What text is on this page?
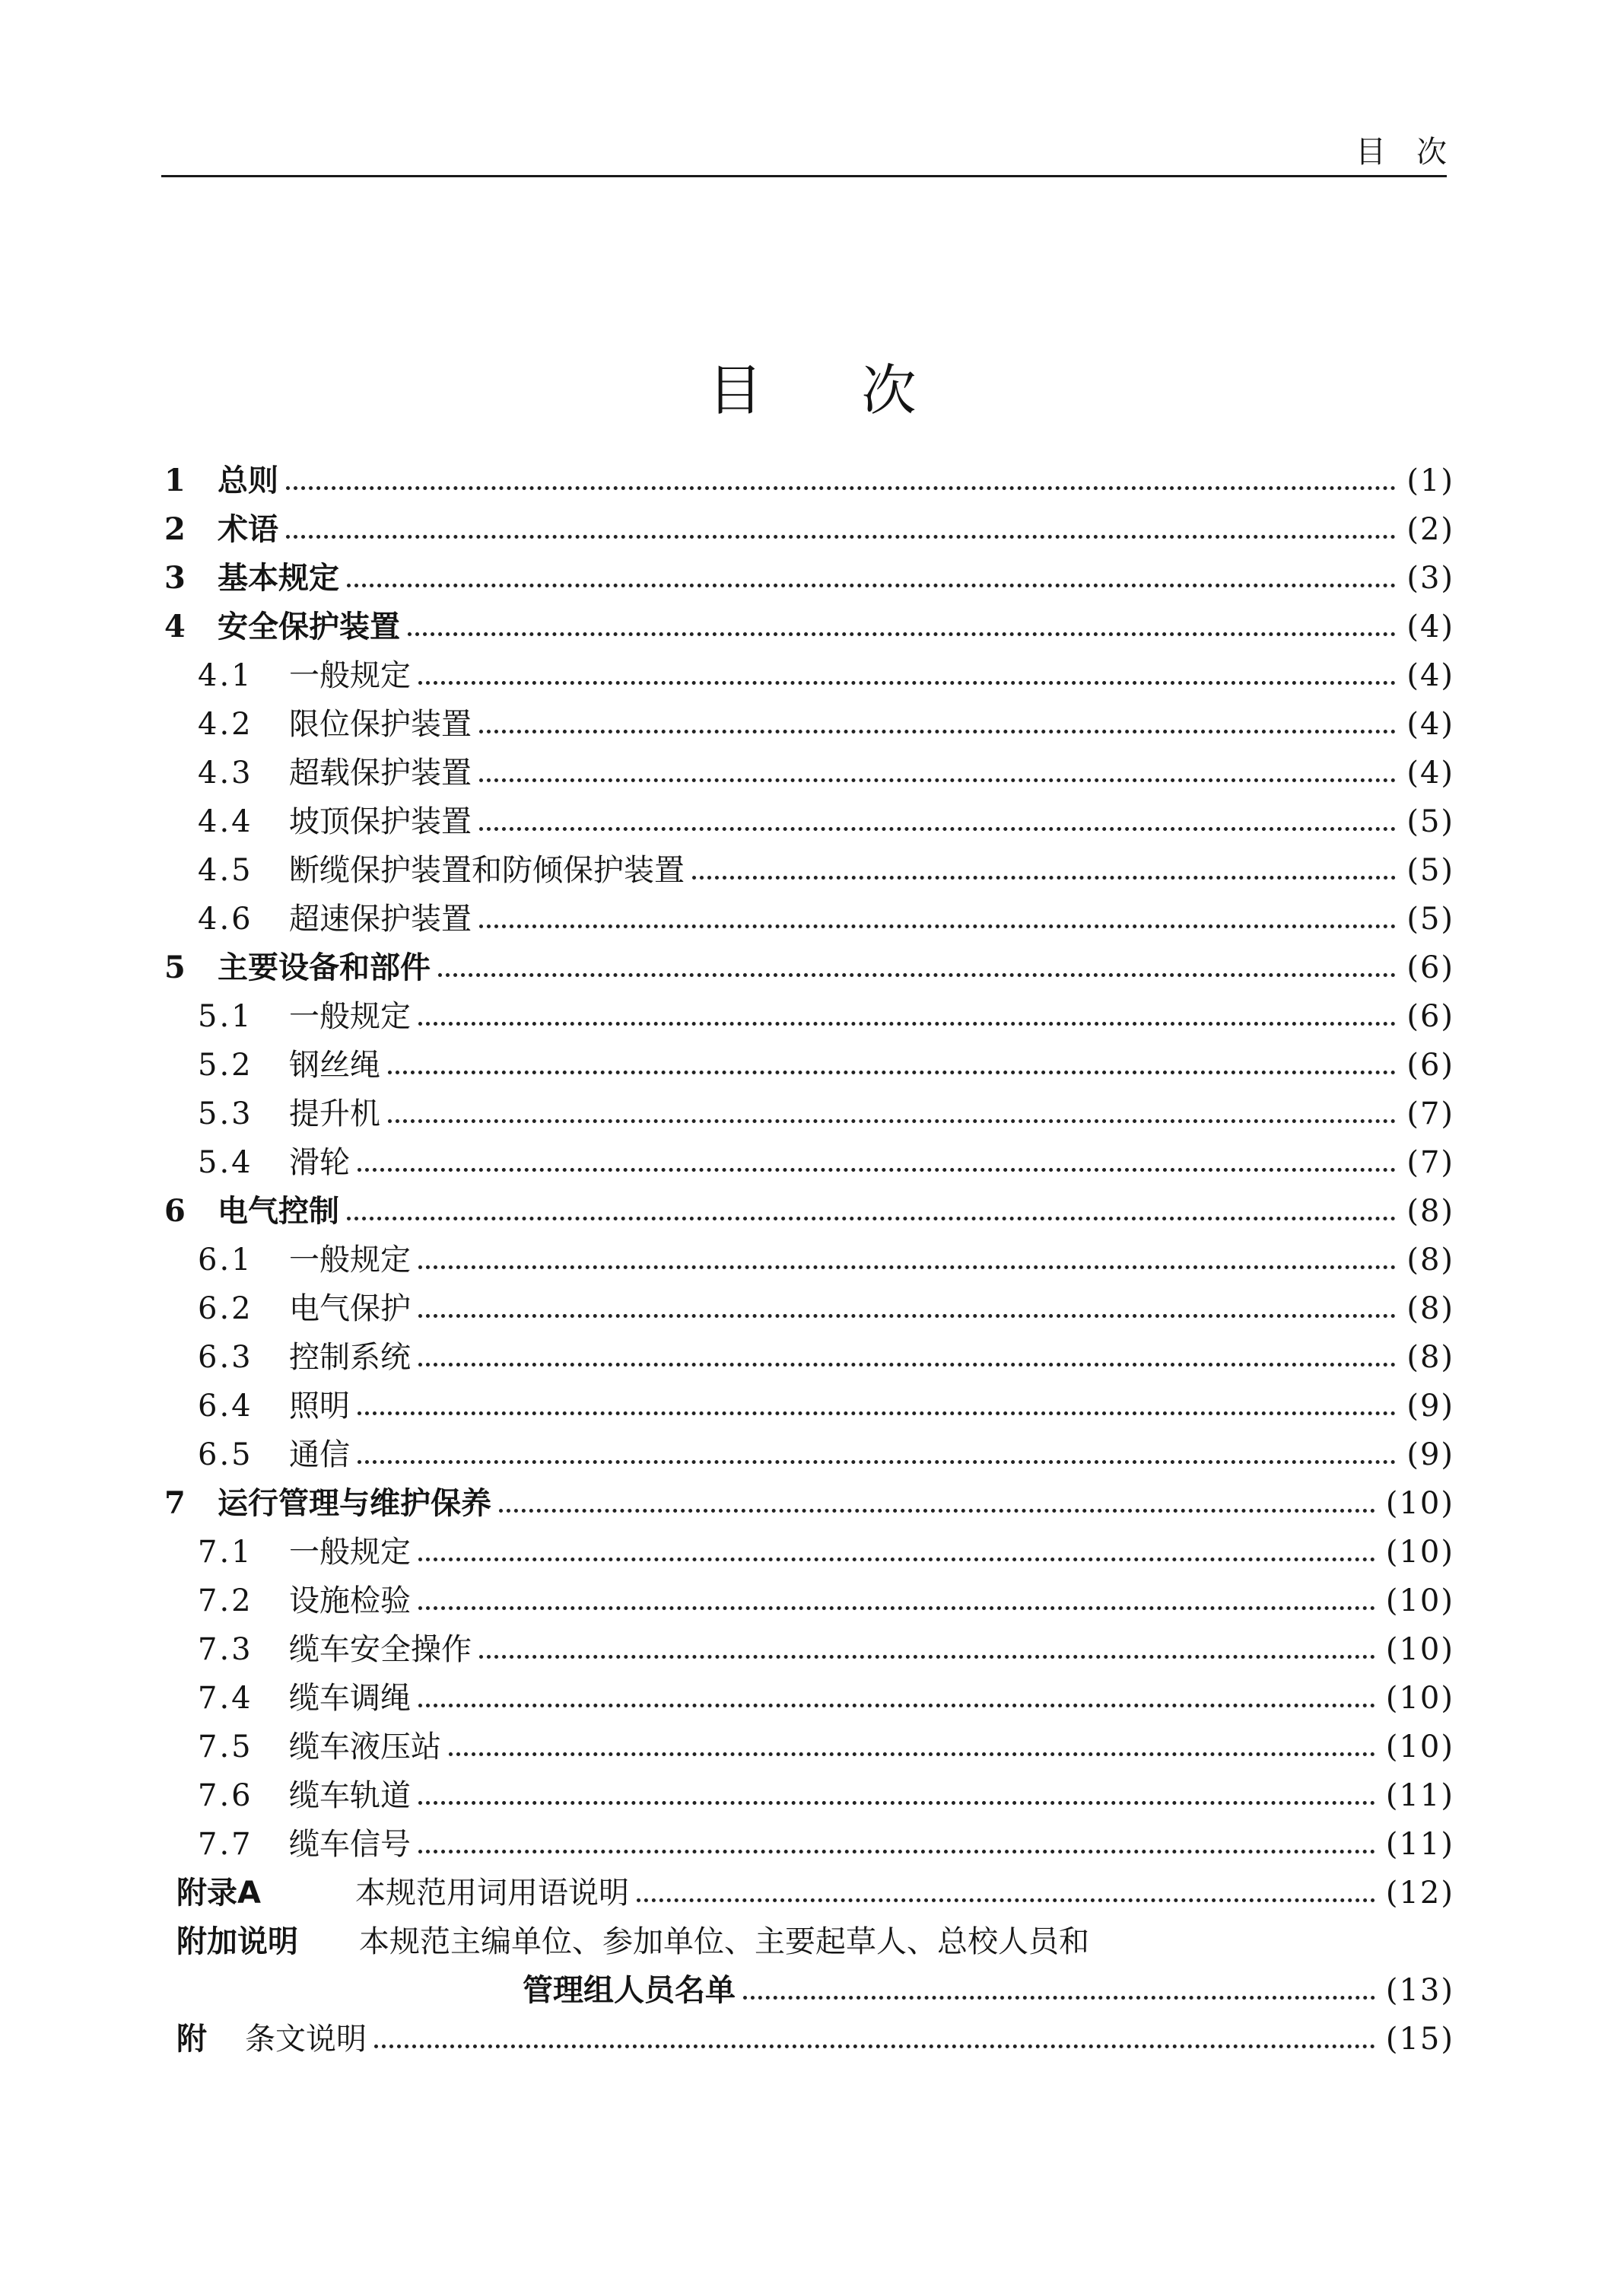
目次
目次
1	总则	( 1 )
2	术语	( 2 )
3	基本规定	( 3 )
4	安全保护装置	( 4 )
4.1	一般规定	( 4 )
4.2	限位保护装置	( 4 )
4.3	超载保护装置	( 4 )
4.4	坡顶保护装置	( 5 )
4.5	断缆保护装置和防倾保护装置	( 5 )
4.6	超速保护装置	( 5 )
5	主要设备和部件	( 6 )
5.1	一般规定	( 6 )
5.2	钢丝绳	( 6 )
5.3	提升机	( 7 )
5.4	滑轮	( 7 )
6	电气控制	( 8 )
6.1	一般规定	( 8 )
6.2	电气保护	( 8 )
6.3	控制系统	( 8 )
6.4	照明	( 9 )
6.5	通信	( 9 )
7	运行管理与维护保养	( 10 )
7.1	一般规定	( 10 )
7.2	设施检验	( 10 )
7.3	缆车安全操作	( 10 )
7.4	缆车调绳	( 10 )
7.5	缆车液压站	( 10 )
7.6	缆车轨道	( 11 )
7.7	缆车信号	( 11 )
附录A	本规范用词用语说明	( 12 )
附加说明	本规范主编单位、参加单位、主要起草人、总校人员和
管理组人员名单	( 13 )
附	条文说明	( 15 )
